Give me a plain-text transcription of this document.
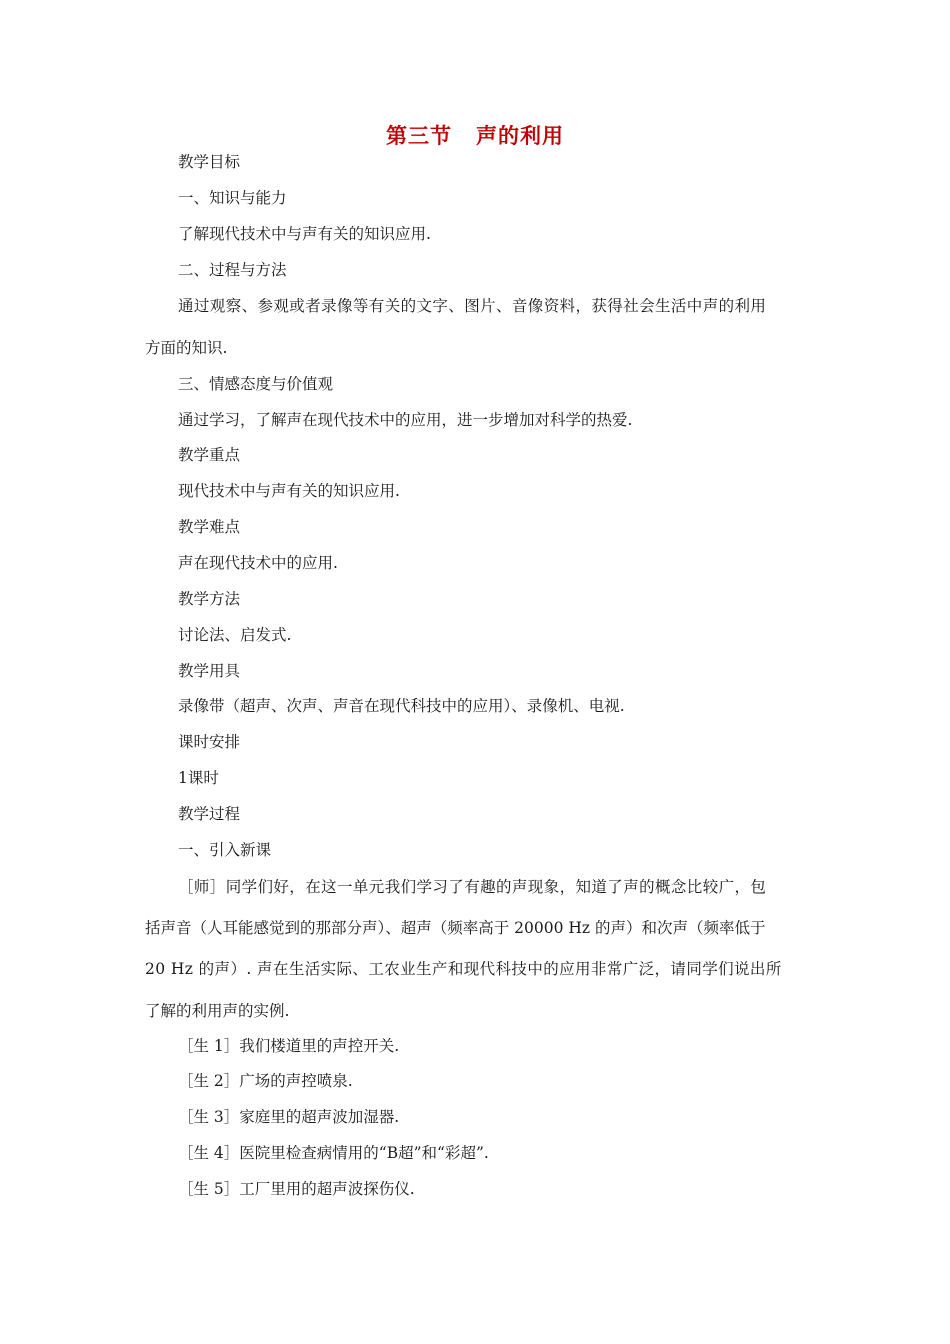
第三节 声的利用

教学目标

一、知识与能力

了解现代技术中与声有关的知识应用.

二、过程与方法

通过观察、参观或者录像等有关的文字、图片、音像资料，获得社会生活中声的利用

方面的知识.

三、情感态度与价值观

通过学习，了解声在现代技术中的应用，进一步增加对科学的热爱.

教学重点

现代技术中与声有关的知识应用.

教学难点

声在现代技术中的应用.

教学方法

讨论法、启发式.

教学用具

录像带（超声、次声、声音在现代科技中的应用）、录像机、电视.

课时安排

1课时

教学过程

一、引入新课

［师］同学们好，在这一单元我们学习了有趣的声现象，知道了声的概念比较广，包

括声音（人耳能感觉到的那部分声）、超声（频率高于 20000 Hz 的声）和次声（频率低于

20 Hz 的声）. 声在生活实际、工农业生产和现代科技中的应用非常广泛，请同学们说出所

了解的利用声的实例.

［生 1］我们楼道里的声控开关.

［生 2］广场的声控喷泉.

［生 3］家庭里的超声波加湿器.

［生 4］医院里检查病情用的“B超”和“彩超”.

［生 5］工厂里用的超声波探伤仪.
